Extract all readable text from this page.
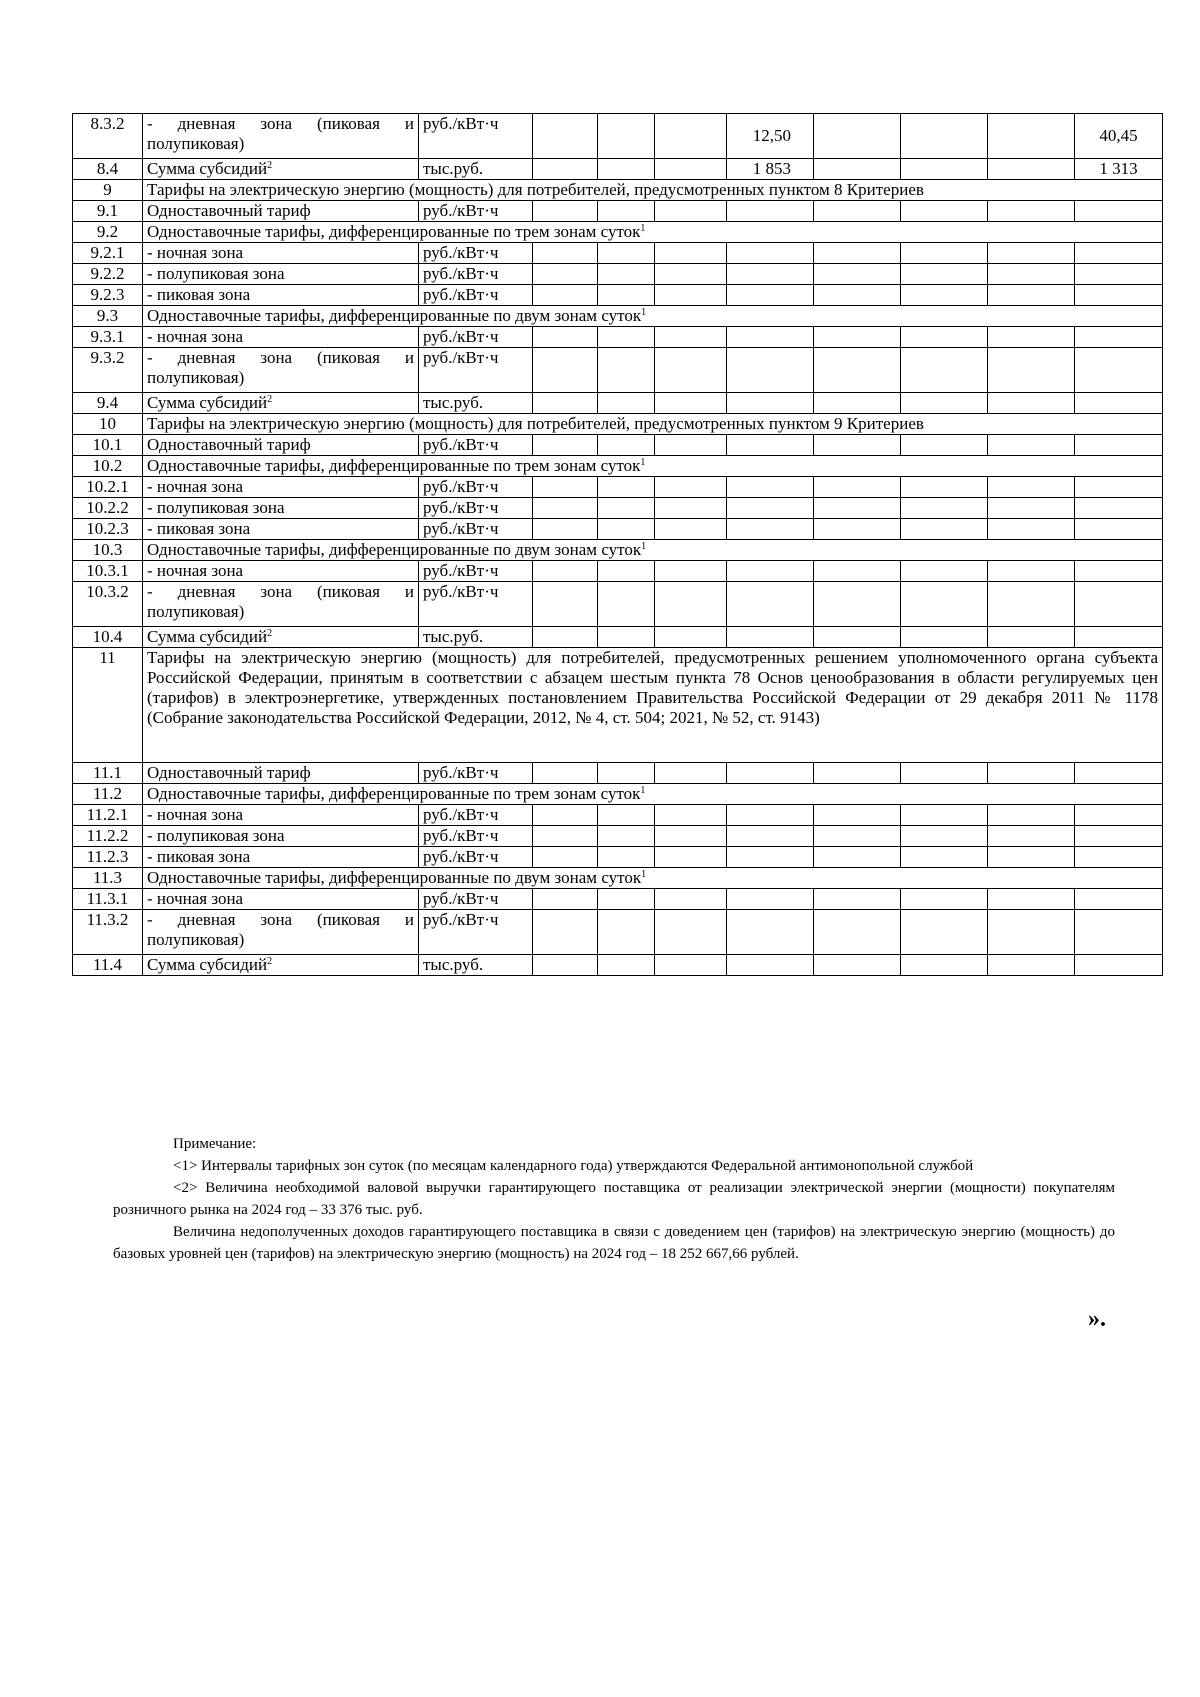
8.3.2	- дневная зона (пиковая и полупиковая)	руб./кВт·ч				12,50				40,45
8.4	Сумма субсидий$^2$	тыс.руб.				1 853				1 313
9	Тарифы на электрическую энергию (мощность) для потребителей, предусмотренных пунктом 8 Критериев									
9.1	Одноставочный тариф	руб./кВт·ч								
9.2	Одноставочные тарифы, дифференцированные по трем зонам суток$^1$
9.2.1	- ночная зона	руб./кВт·ч								
9.2.2	- полупиковая зона	руб./кВт·ч								
9.2.3	- пиковая зона	руб./кВт·ч								
9.3	Одноставочные тарифы, дифференцированные по двум зонам суток$^1$
9.3.1	- ночная зона	руб./кВт·ч								
9.3.2	- дневная зона (пиковая и полупиковая)	руб./кВт·ч								
9.4	Сумма субсидий$^2$	тыс.руб.								
10	Тарифы на электрическую энергию (мощность) для потребителей, предусмотренных пунктом 9 Критериев									
10.1	Одноставочный тариф	руб./кВт·ч								
10.2	Одноставочные тарифы, дифференцированные по трем зонам суток$^1$
10.2.1	- ночная зона	руб./кВт·ч								
10.2.2	- полупиковая зона	руб./кВт·ч								
10.2.3	- пиковая зона	руб./кВт·ч								
10.3	Одноставочные тарифы, дифференцированные по двум зонам суток$^1$
10.3.1	- ночная зона	руб./кВт·ч								
10.3.2	- дневная зона (пиковая и полупиковая)	руб./кВт·ч								
10.4	Сумма субсидий$^2$	тыс.руб.								
11	Тарифы на электрическую энергию (мощность) для потребителей, предусмотренных решением уполномоченного органа субъекта Российской Федерации, принятым в соответствии с абзацем шестым пункта 78 Основ ценообразования в области регулируемых цен (тарифов) в электроэнергетике, утвержденных постановлением Правительства Российской Федерации от 29 декабря 2011 № 1178 (Собрание законодательства Российской Федерации, 2012, № 4, ст. 504; 2021, № 52, ст. 9143)									
11.1	Одноставочный тариф	руб./кВт·ч								
11.2	Одноставочные тарифы, дифференцированные по трем зонам суток$^1$
11.2.1	- ночная зона	руб./кВт·ч								
11.2.2	- полупиковая зона	руб./кВт·ч								
11.2.3	- пиковая зона	руб./кВт·ч								
11.3	Одноставочные тарифы, дифференцированные по двум зонам суток$^1$
11.3.1	- ночная зона	руб./кВт·ч								
11.3.2	- дневная зона (пиковая и полупиковая)	руб./кВт·ч								
11.4	Сумма субсидий$^2$	тыс.руб.								

Примечание:

<1> Интервалы тарифных зон суток (по месяцам календарного года) утверждаются Федеральной антимонопольной службой

<2> Величина необходимой валовой выручки гарантирующего поставщика от реализации электрической энергии (мощности) покупателям розничного рынка на 2024 год – 33 376 тыс. руб.

Величина недополученных доходов гарантирующего поставщика в связи с доведением цен (тарифов) на электрическую энергию (мощность) до базовых уровней цен (тарифов) на электрическую энергию (мощность) на 2024 год – 18 252 667,66 рублей.

».
